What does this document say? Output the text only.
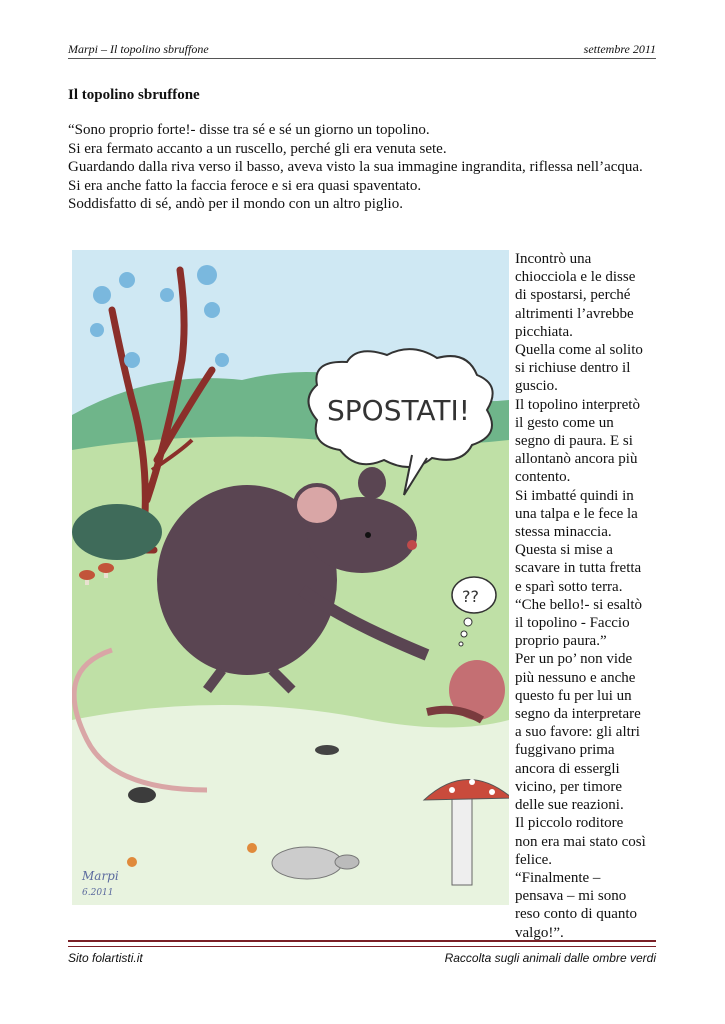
Marpi – Il topolino sbruffone	settembre 2011
Il topolino sbruffone

“Sono proprio forte!- disse tra sé e sé un giorno un topolino.

Si era fermato accanto a un ruscello, perché gli era venuta sete.

Guardando dalla riva verso il basso, aveva visto la sua immagine ingrandita, riflessa nell’acqua.

Si era anche fatto la faccia feroce e si era quasi spaventato.

Soddisfatto di sé, andò per il mondo con un altro piglio.

SPOSTATI!
??
Marpi
6.2011

Incontrò una

chiocciola e le disse

di spostarsi, perché

altrimenti l’avrebbe

picchiata.

Quella come al solito

si richiuse dentro il

guscio.

Il topolino interpretò

il gesto come un

segno di paura. E si

allontanò ancora più

contento.

Si imbatté quindi in

una talpa e le fece la

stessa minaccia.

Questa si mise a

scavare in tutta fretta

e sparì sotto terra.

“Che bello!- si esaltò

il topolino - Faccio

proprio paura.”

Per un po’ non vide

più nessuno e anche

questo fu per lui un

segno da interpretare

a suo favore: gli altri

fuggivano prima

ancora di essergli

vicino, per timore

delle sue reazioni.

Il piccolo roditore

non era mai stato così

felice.

“Finalmente –

pensava – mi sono

reso conto di quanto

valgo!”.

Sito folartisti.it	Raccolta sugli animali dalle ombre verdi
